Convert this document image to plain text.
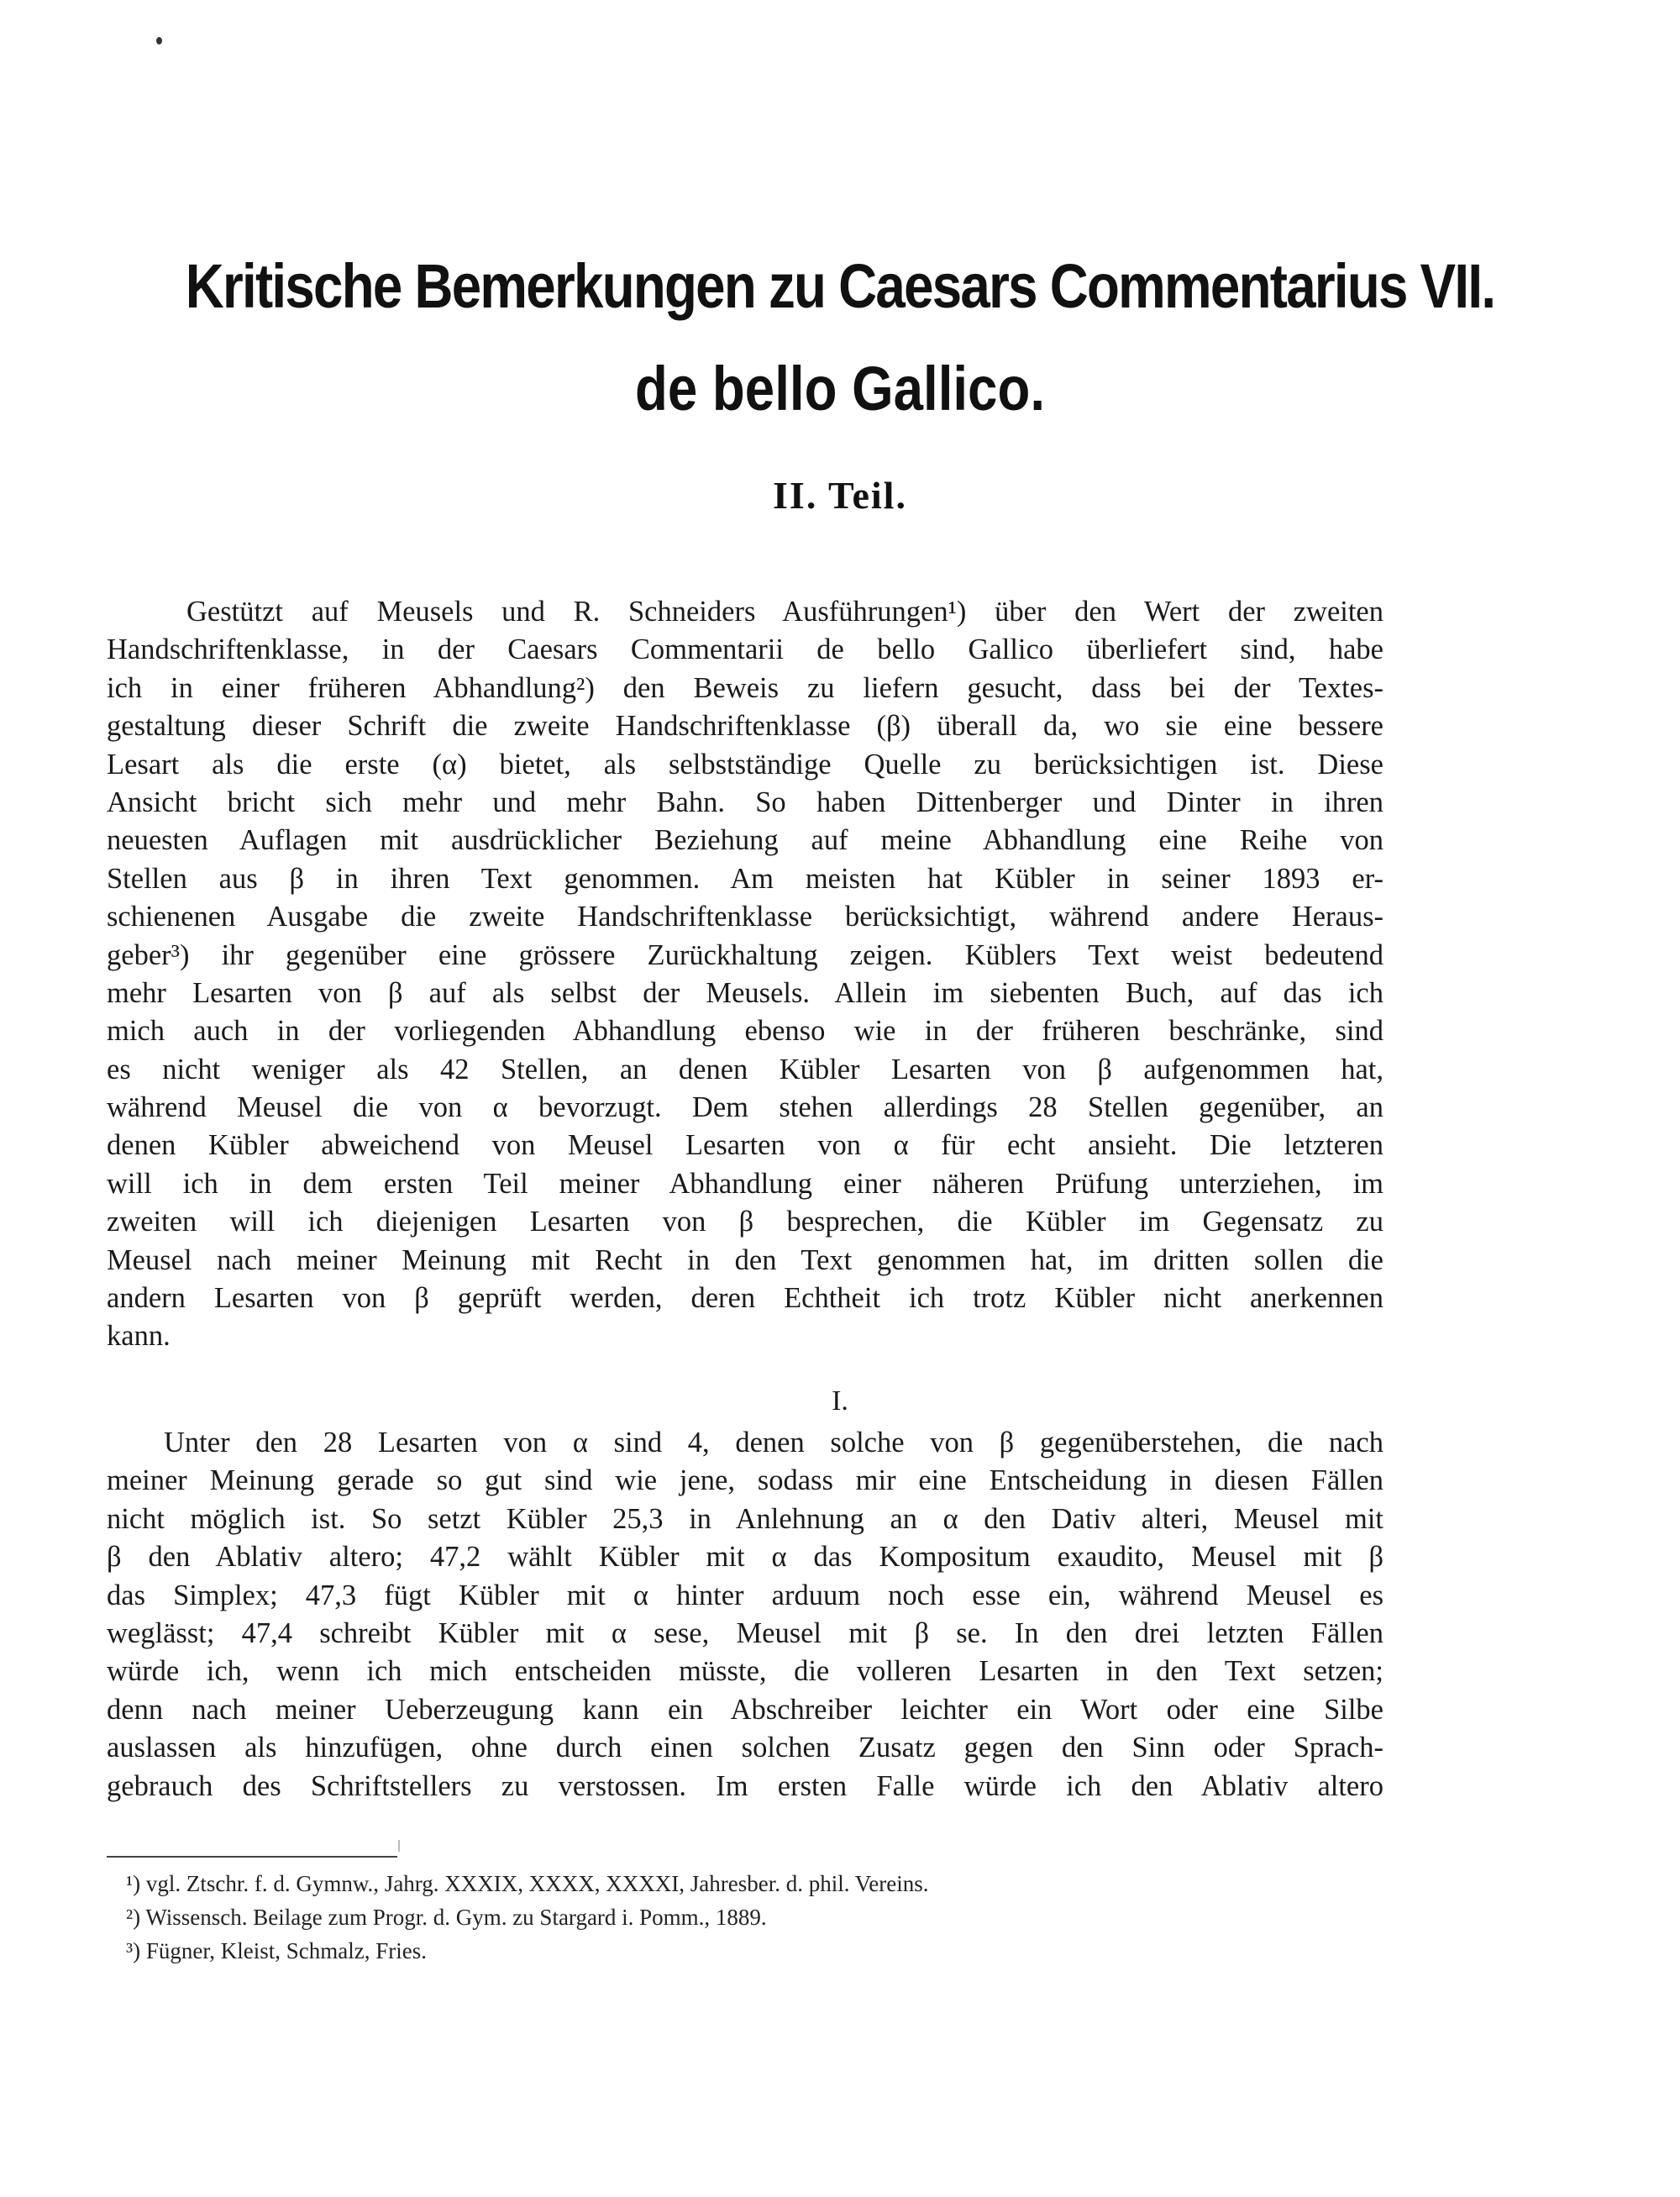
Kritische Bemerkungen zu Caesars Commentarius VII.
de bello Gallico.
II. Teil.
Gestützt auf Meusels und R. Schneiders Ausführungen¹) über den Wert der zweiten
Handschriftenklasse, in der Caesars Commentarii de bello Gallico überliefert sind, habe
ich in einer früheren Abhandlung²) den Beweis zu liefern gesucht, dass bei der Textes-
gestaltung dieser Schrift die zweite Handschriftenklasse (β) überall da, wo sie eine bessere
Lesart als die erste (α) bietet, als selbstständige Quelle zu berücksichtigen ist. Diese
Ansicht bricht sich mehr und mehr Bahn. So haben Dittenberger und Dinter in ihren
neuesten Auflagen mit ausdrücklicher Beziehung auf meine Abhandlung eine Reihe von
Stellen aus β in ihren Text genommen. Am meisten hat Kübler in seiner 1893 er-
schienenen Ausgabe die zweite Handschriftenklasse berücksichtigt, während andere Heraus-
geber³) ihr gegenüber eine grössere Zurückhaltung zeigen. Küblers Text weist bedeutend
mehr Lesarten von β auf als selbst der Meusels. Allein im siebenten Buch, auf das ich
mich auch in der vorliegenden Abhandlung ebenso wie in der früheren beschränke, sind
es nicht weniger als 42 Stellen, an denen Kübler Lesarten von β aufgenommen hat,
während Meusel die von α bevorzugt. Dem stehen allerdings 28 Stellen gegenüber, an
denen Kübler abweichend von Meusel Lesarten von α für echt ansieht. Die letzteren
will ich in dem ersten Teil meiner Abhandlung einer näheren Prüfung unterziehen, im
zweiten will ich diejenigen Lesarten von β besprechen, die Kübler im Gegensatz zu
Meusel nach meiner Meinung mit Recht in den Text genommen hat, im dritten sollen die
andern Lesarten von β geprüft werden, deren Echtheit ich trotz Kübler nicht anerkennen
kann.
I.
Unter den 28 Lesarten von α sind 4, denen solche von β gegenüberstehen, die nach
meiner Meinung gerade so gut sind wie jene, sodass mir eine Entscheidung in diesen Fällen
nicht möglich ist. So setzt Kübler 25,3 in Anlehnung an α den Dativ alteri, Meusel mit
β den Ablativ altero; 47,2 wählt Kübler mit α das Kompositum exaudito, Meusel mit β
das Simplex; 47,3 fügt Kübler mit α hinter arduum noch esse ein, während Meusel es
weglässt; 47,4 schreibt Kübler mit α sese, Meusel mit β se. In den drei letzten Fällen
würde ich, wenn ich mich entscheiden müsste, die volleren Lesarten in den Text setzen;
denn nach meiner Ueberzeugung kann ein Abschreiber leichter ein Wort oder eine Silbe
auslassen als hinzufügen, ohne durch einen solchen Zusatz gegen den Sinn oder Sprach-
gebrauch des Schriftstellers zu verstossen. Im ersten Falle würde ich den Ablativ altero
¹) vgl. Ztschr. f. d. Gymnw., Jahrg. XXXIX, XXXX, XXXXI, Jahresber. d. phil. Vereins.
²) Wissensch. Beilage zum Progr. d. Gym. zu Stargard i. Pomm., 1889.
³) Fügner, Kleist, Schmalz, Fries.
